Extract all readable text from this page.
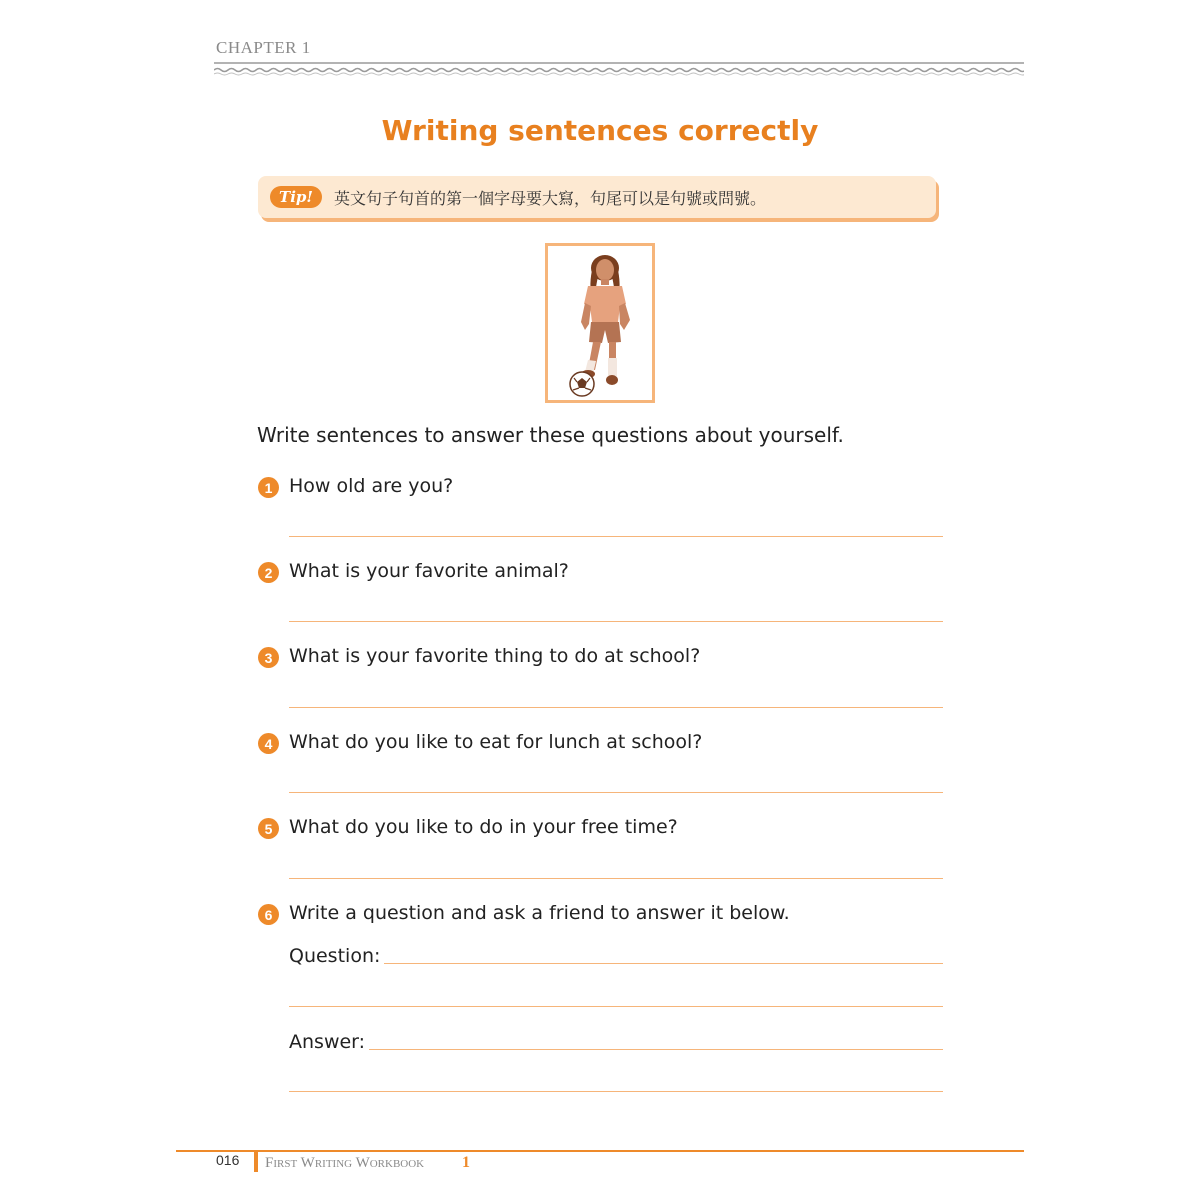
CHAPTER 1
Writing sentences correctly
Tip!	英文句子句首的第一個字母要大寫，句尾可以是句號或問號。
Write sentences to answer these questions about yourself.
1 How old are you?
2 What is your favorite animal?
3 What is your favorite thing to do at school?
4 What do you like to eat for lunch at school?
5 What do you like to do in your free time?
6 Write a question and ask a friend to answer it below.
Question:
Answer:
016 First Writing Workbook 1
